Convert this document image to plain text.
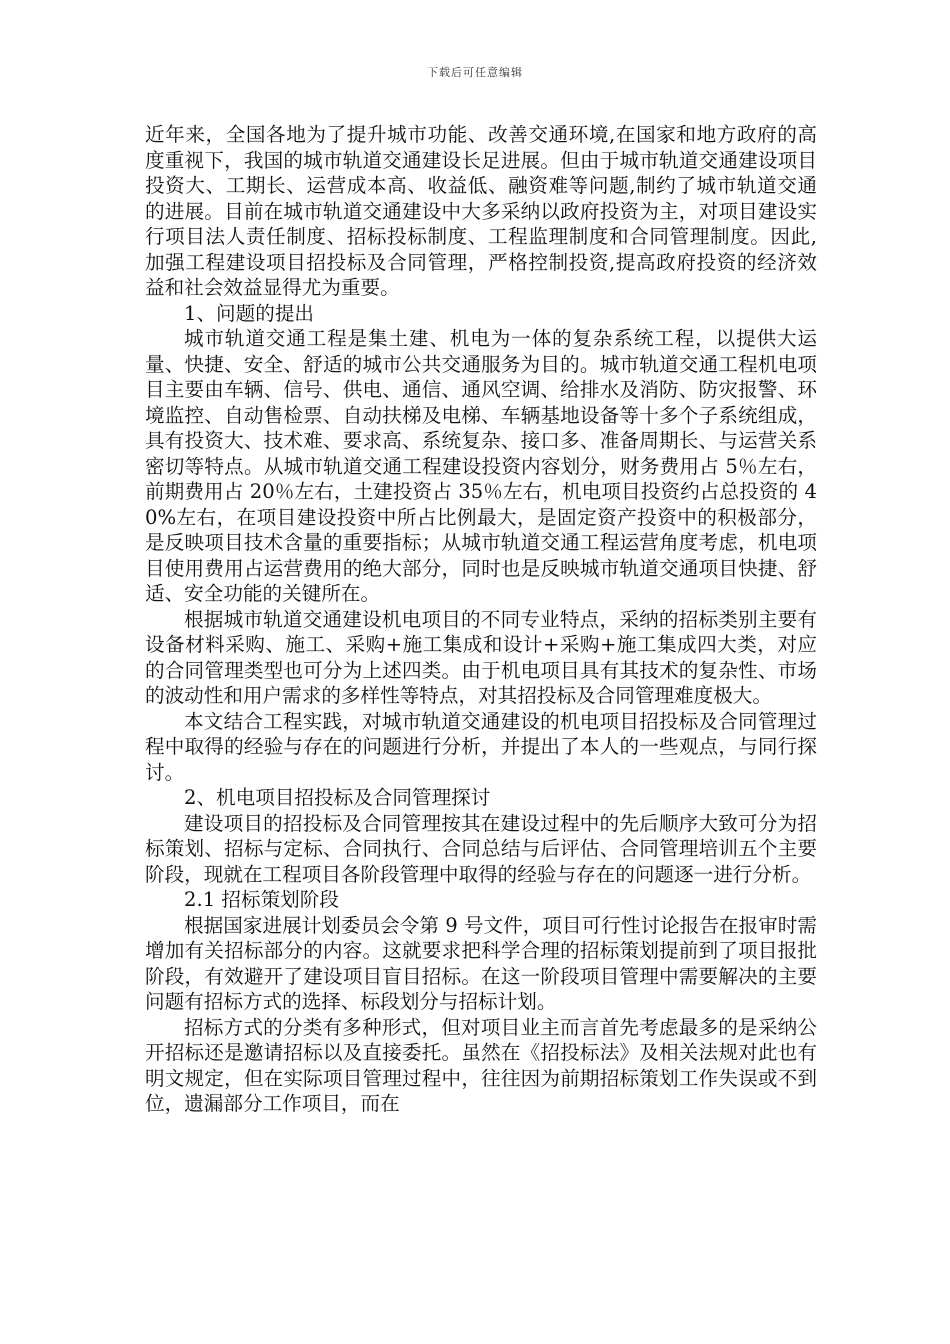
下载后可任意编辑

近年来，全国各地为了提升城市功能、改善交通环境,在国家和地方政府的高度重视下，我国的城市轨道交通建设长足进展。但由于城市轨道交通建设项目投资大、工期长、运营成本高、收益低、融资难等问题,制约了城市轨道交通的进展。目前在城市轨道交通建设中大多采纳以政府投资为主，对项目建设实行项目法人责任制度、招标投标制度、工程监理制度和合同管理制度。因此,加强工程建设项目招投标及合同管理，严格控制投资,提高政府投资的经济效益和社会效益显得尤为重要。

1、问题的提出

城市轨道交通工程是集土建、机电为一体的复杂系统工程，以提供大运量、快捷、安全、舒适的城市公共交通服务为目的。城市轨道交通工程机电项目主要由车辆、信号、供电、通信、通风空调、给排水及消防、防灾报警、环境监控、自动售检票、自动扶梯及电梯、车辆基地设备等十多个子系统组成，具有投资大、技术难、要求高、系统复杂、接口多、准备周期长、与运营关系密切等特点。从城市轨道交通工程建设投资内容划分，财务费用占 5％左右，前期费用占 20％左右，土建投资占 35％左右，机电项目投资约占总投资的 40%左右，在项目建设投资中所占比例最大，是固定资产投资中的积极部分，是反映项目技术含量的重要指标；从城市轨道交通工程运营角度考虑，机电项目使用费用占运营费用的绝大部分，同时也是反映城市轨道交通项目快捷、舒适、安全功能的关键所在。

根据城市轨道交通建设机电项目的不同专业特点，采纳的招标类别主要有设备材料采购、施工、采购+施工集成和设计+采购+施工集成四大类，对应的合同管理类型也可分为上述四类。由于机电项目具有其技术的复杂性、市场的波动性和用户需求的多样性等特点，对其招投标及合同管理难度极大。

本文结合工程实践，对城市轨道交通建设的机电项目招投标及合同管理过程中取得的经验与存在的问题进行分析，并提出了本人的一些观点，与同行探讨。

2、机电项目招投标及合同管理探讨

建设项目的招投标及合同管理按其在建设过程中的先后顺序大致可分为招标策划、招标与定标、合同执行、合同总结与后评估、合同管理培训五个主要阶段，现就在工程项目各阶段管理中取得的经验与存在的问题逐一进行分析。

2.1 招标策划阶段

根据国家进展计划委员会令第 9 号文件，项目可行性讨论报告在报审时需增加有关招标部分的内容。这就要求把科学合理的招标策划提前到了项目报批阶段，有效避开了建设项目盲目招标。在这一阶段项目管理中需要解决的主要问题有招标方式的选择、标段划分与招标计划。

招标方式的分类有多种形式，但对项目业主而言首先考虑最多的是采纳公开招标还是邀请招标以及直接委托。虽然在《招投标法》及相关法规对此也有明文规定，但在实际项目管理过程中，往往因为前期招标策划工作失误或不到位，遗漏部分工作项目，而在
